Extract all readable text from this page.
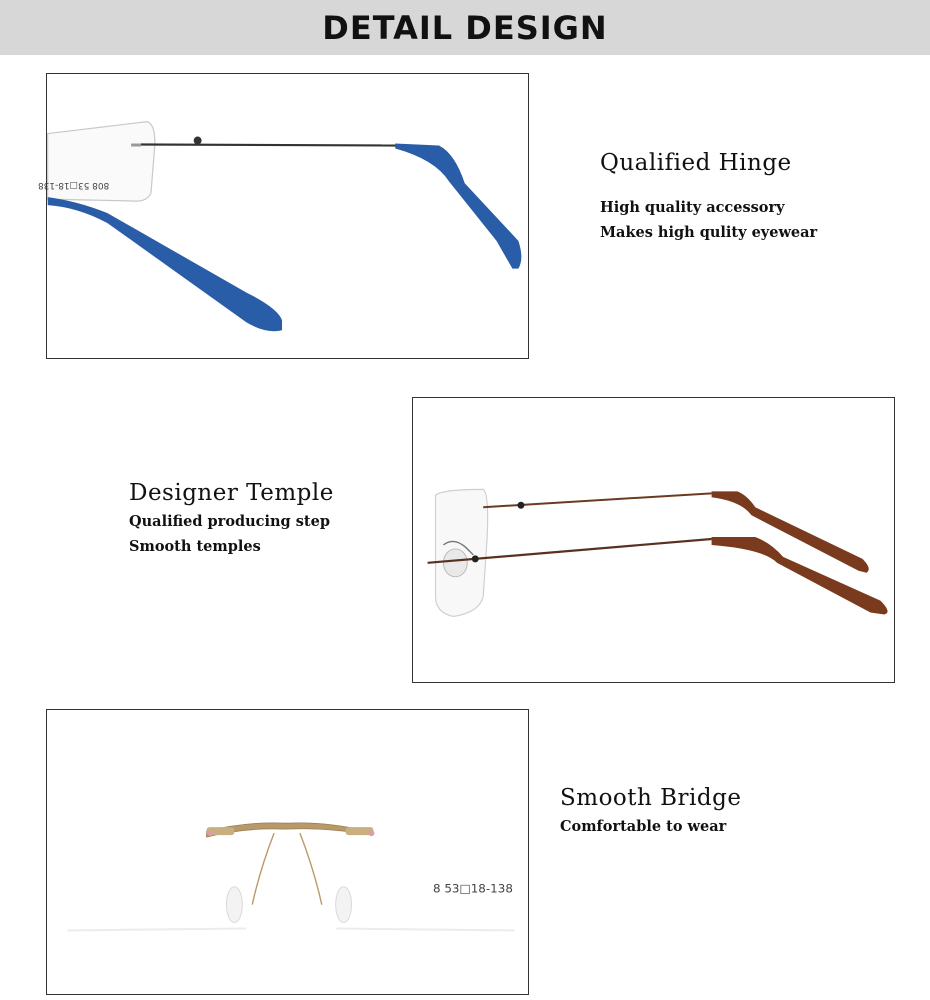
DETAIL DESIGN
808 53□18-138
Qualified Hinge

High quality accessory

Makes high qulity eyewear

Designer Temple

Qualified producing step

Smooth temples

8 53□18-138
Smooth Bridge

Comfortable to wear
